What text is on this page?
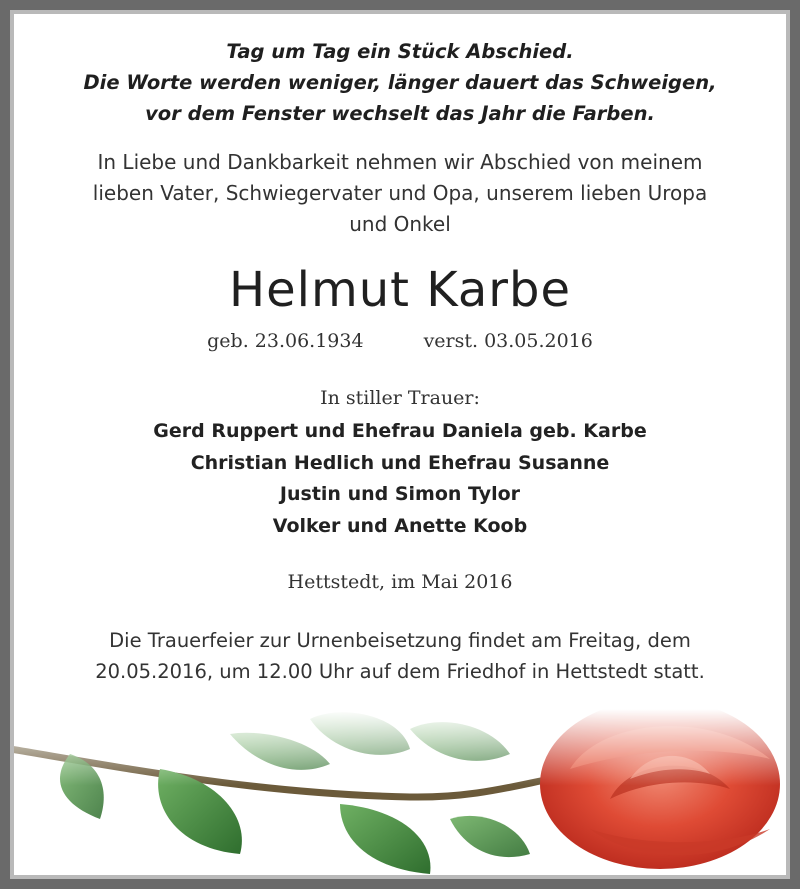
Tag um Tag ein Stück Abschied.
Die Worte werden weniger, länger dauert das Schweigen,
vor dem Fenster wechselt das Jahr die Farben.
In Liebe und Dankbarkeit nehmen wir Abschied von meinem
lieben Vater, Schwiegervater und Opa, unserem lieben Uropa
und Onkel
Helmut Karbe
geb. 23.06.1934	verst. 03.05.2016
In stiller Trauer:
Gerd Ruppert und Ehefrau Daniela geb. Karbe
Christian Hedlich und Ehefrau Susanne
Justin und Simon Tylor
Volker und Anette Koob
Hettstedt, im Mai 2016
Die Trauerfeier zur Urnenbeisetzung findet am Freitag, dem
20.05.2016, um 12.00 Uhr auf dem Friedhof in Hettstedt statt.
